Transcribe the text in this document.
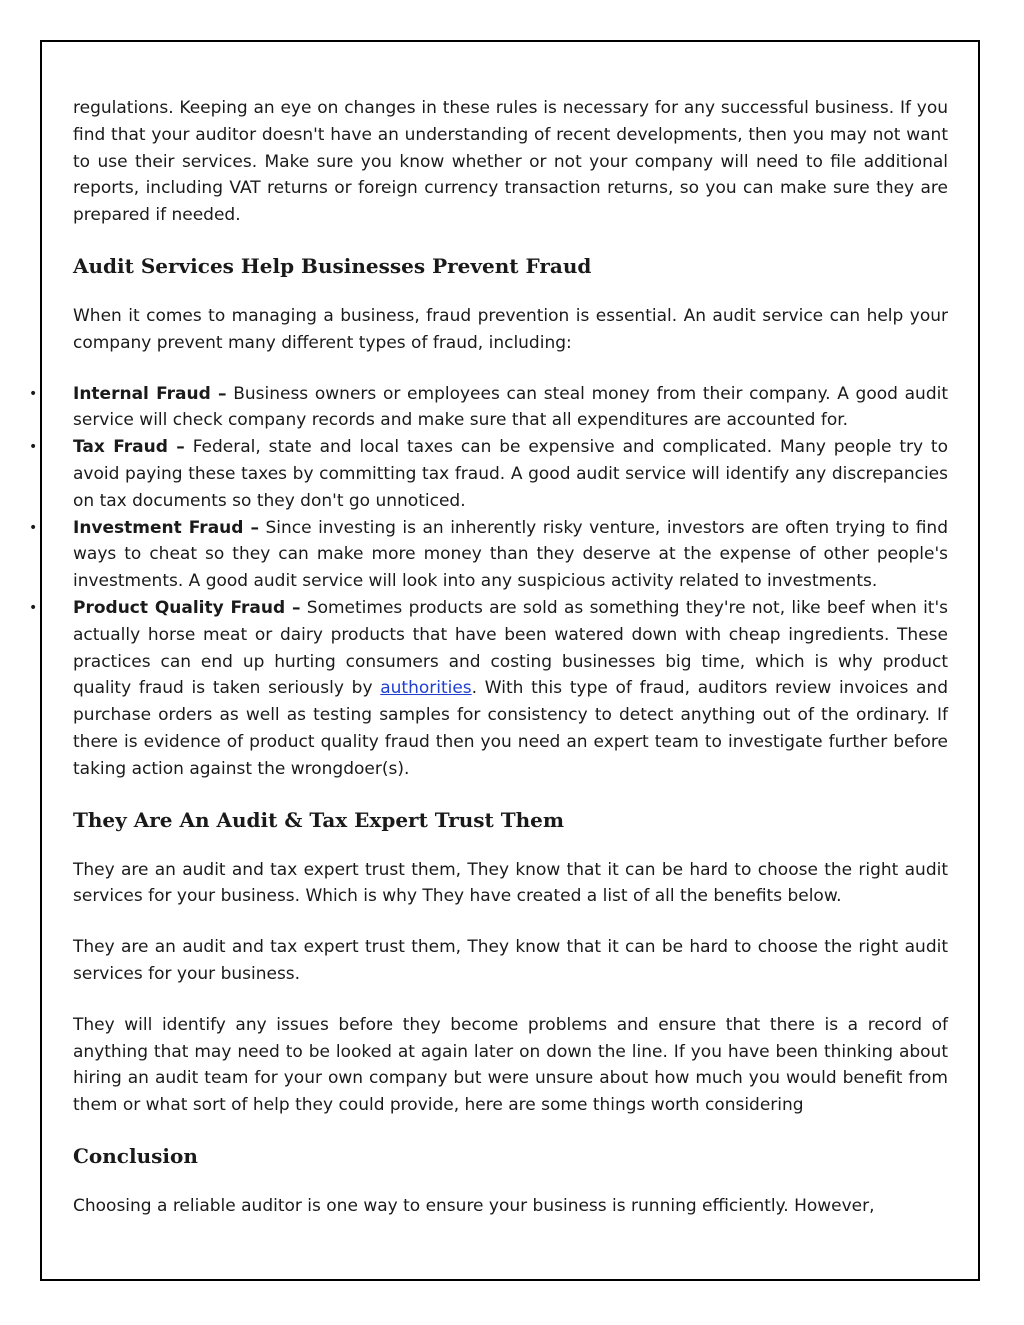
regulations. Keeping an eye on changes in these rules is necessary for any successful business. If you find that your auditor doesn't have an understanding of recent developments, then you may not want to use their services. Make sure you know whether or not your company will need to file additional reports, including VAT returns or foreign currency transaction returns, so you can make sure they are prepared if needed.

Audit Services Help Businesses Prevent Fraud

When it comes to managing a business, fraud prevention is essential. An audit service can help your company prevent many different types of fraud, including:

• Internal Fraud – Business owners or employees can steal money from their company. A good audit service will check company records and make sure that all expenditures are accounted for.
• Tax Fraud – Federal, state and local taxes can be expensive and complicated. Many people try to avoid paying these taxes by committing tax fraud. A good audit service will identify any discrepancies on tax documents so they don't go unnoticed.
• Investment Fraud – Since investing is an inherently risky venture, investors are often trying to find ways to cheat so they can make more money than they deserve at the expense of other people's investments. A good audit service will look into any suspicious activity related to investments.
• Product Quality Fraud – Sometimes products are sold as something they're not, like beef when it's actually horse meat or dairy products that have been watered down with cheap ingredients. These practices can end up hurting consumers and costing businesses big time, which is why product quality fraud is taken seriously by authorities. With this type of fraud, auditors review invoices and purchase orders as well as testing samples for consistency to detect anything out of the ordinary. If there is evidence of product quality fraud then you need an expert team to investigate further before taking action against the wrongdoer(s).
They Are An Audit & Tax Expert Trust Them

They are an audit and tax expert trust them, They know that it can be hard to choose the right audit services for your business. Which is why They have created a list of all the benefits below.

They are an audit and tax expert trust them, They know that it can be hard to choose the right audit services for your business.

They will identify any issues before they become problems and ensure that there is a record of anything that may need to be looked at again later on down the line. If you have been thinking about hiring an audit team for your own company but were unsure about how much you would benefit from them or what sort of help they could provide, here are some things worth considering

Conclusion

Choosing a reliable auditor is one way to ensure your business is running efficiently. However,
